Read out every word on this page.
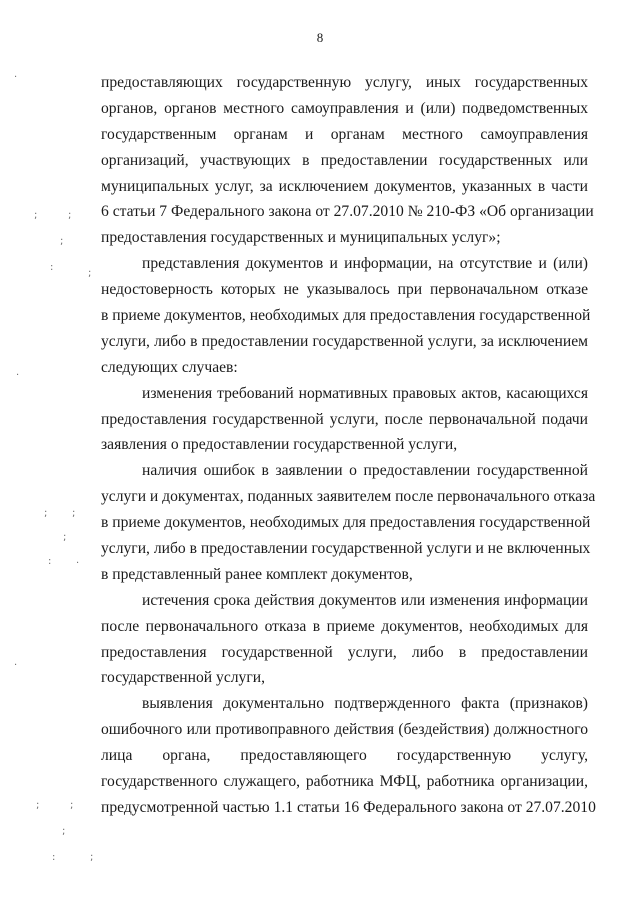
8
предоставляющих государственную услугу, иных государственных
органов, органов местного самоуправления и (или) подведомственных
государственным органам и органам местного самоуправления
организаций, участвующих в предоставлении государственных или
муниципальных услуг, за исключением документов, указанных в части
6 статьи 7 Федерального закона от 27.07.2010 № 210-ФЗ «Об организации
предоставления государственных и муниципальных услуг»;
представления документов и информации, на отсутствие и (или)
недостоверность которых не указывалось при первоначальном отказе
в приеме документов, необходимых для предоставления государственной
услуги, либо в предоставлении государственной услуги, за исключением
следующих случаев:
изменения требований нормативных правовых актов, касающихся
предоставления государственной услуги, после первоначальной подачи
заявления о предоставлении государственной услуги,
наличия ошибок в заявлении о предоставлении государственной
услуги и документах, поданных заявителем после первоначального отказа
в приеме документов, необходимых для предоставления государственной
услуги, либо в предоставлении государственной услуги и не включенных
в представленный ранее комплект документов,
истечения срока действия документов или изменения информации
после первоначального отказа в приеме документов, необходимых для
предоставления государственной услуги, либо в предоставлении
государственной услуги,
выявления документально подтвержденного факта (признаков)
ошибочного или противоправного действия (бездействия) должностного
лица органа, предоставляющего государственную услугу,
государственного служащего, работника МФЦ, работника организации,
предусмотренной частью 1.1 статьи 16 Федерального закона от 27.07.2010
·
;	;
;
:
;
·
; ;
;
: ·
·
;	;
;
:	;
